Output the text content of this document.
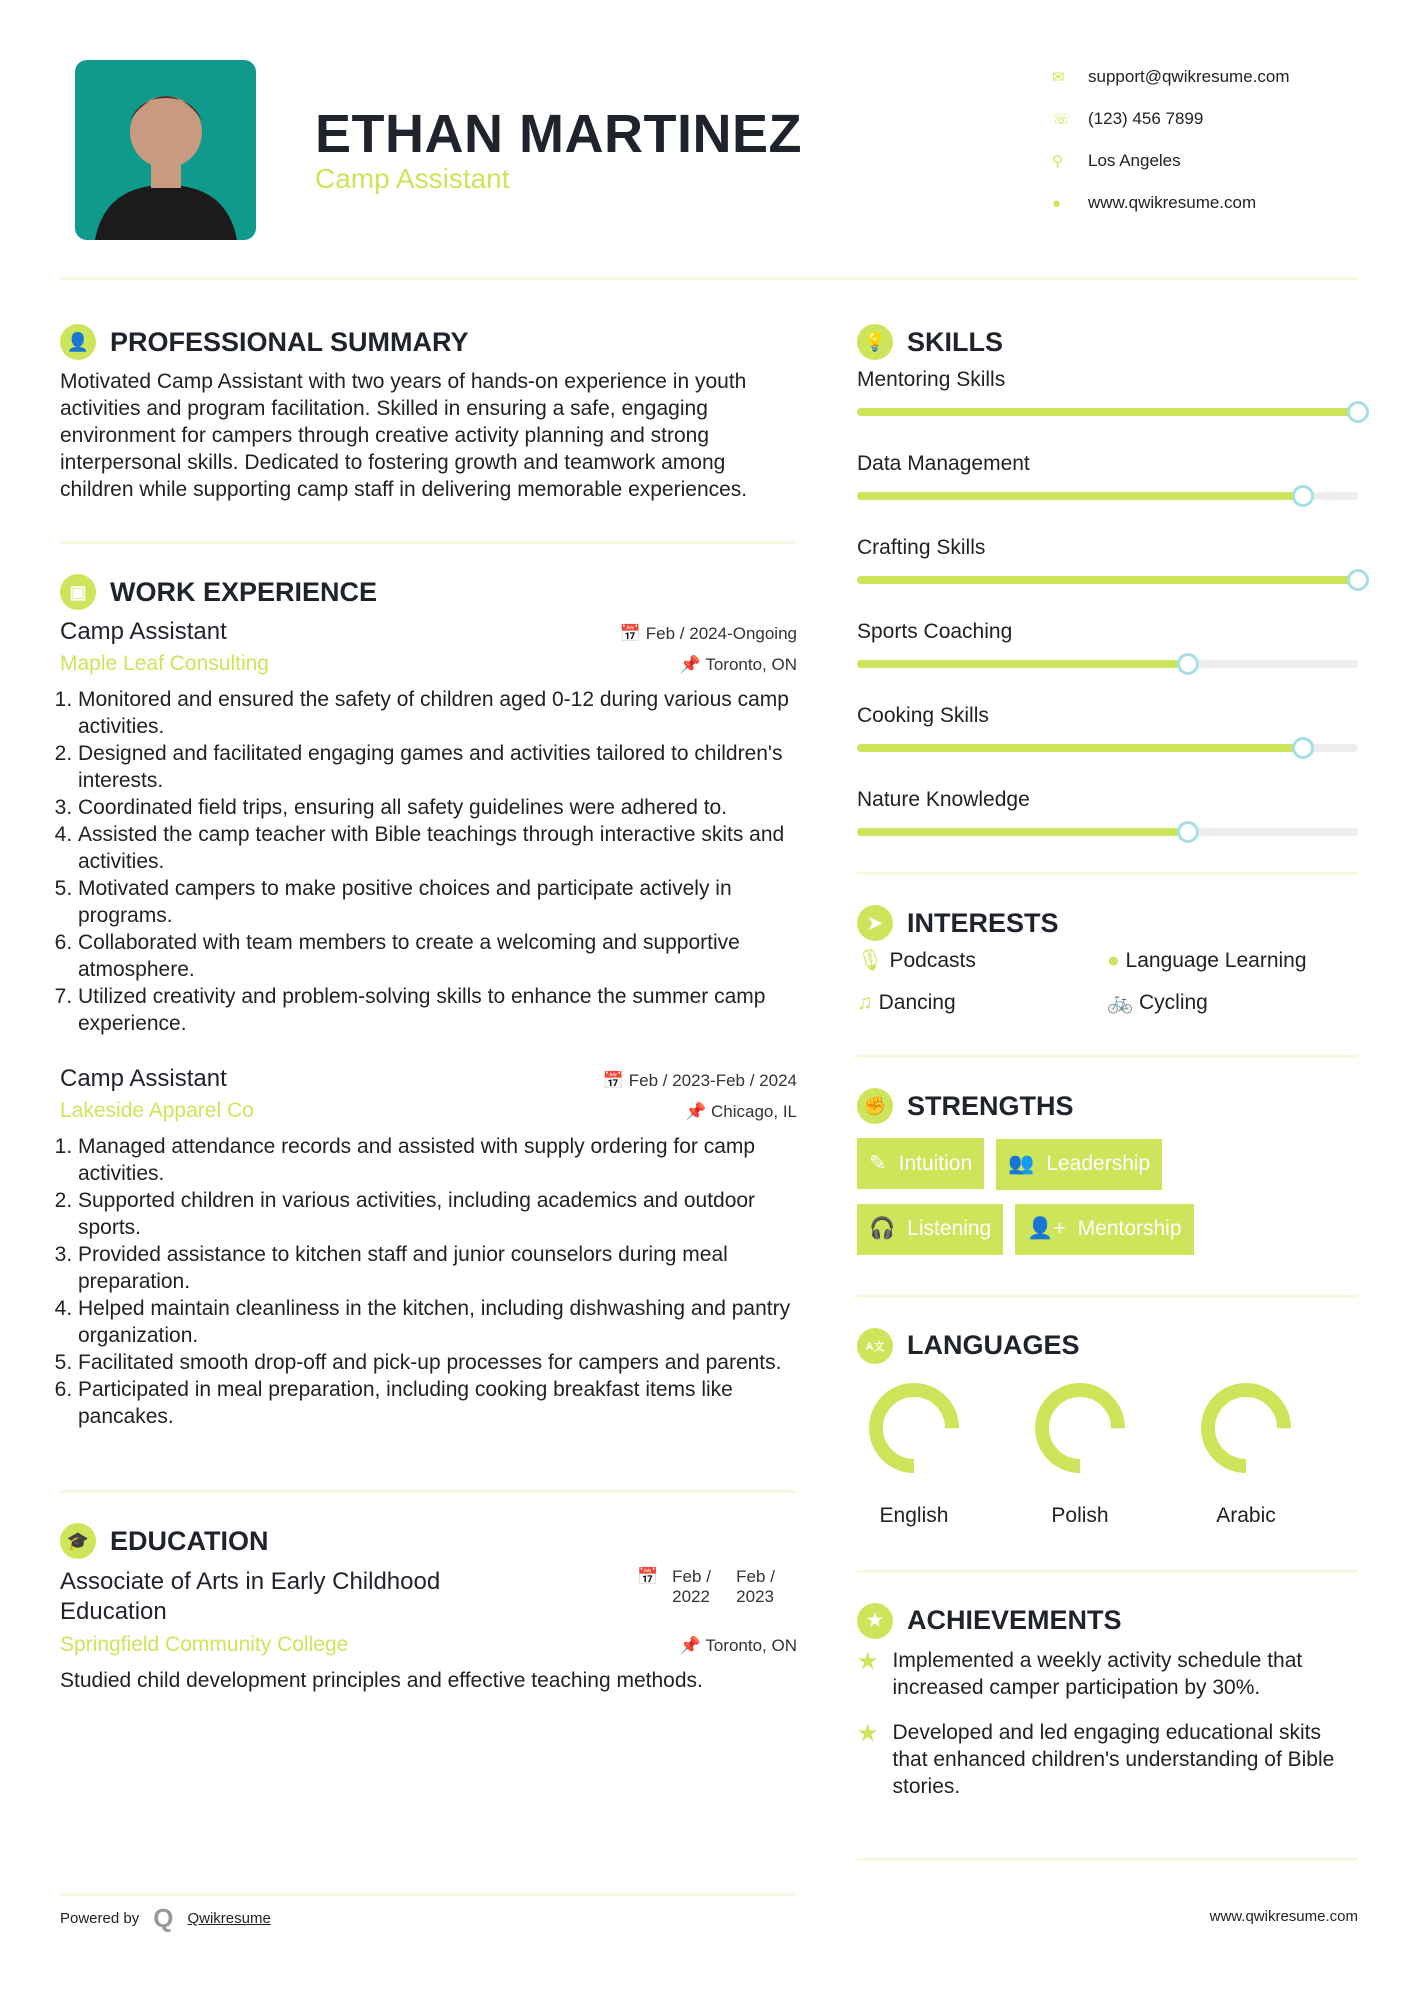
ETHAN MARTINEZ
Camp Assistant
✉	support@qwikresume.com
☏	(123) 456 7899
⚲	Los Angeles
●	www.qwikresume.com
👤 PROFESSIONAL SUMMARY

Motivated Camp Assistant with two years of hands-on experience in youth activities and program facilitation. Skilled in ensuring a safe, engaging environment for campers through creative activity planning and strong interpersonal skills. Dedicated to fostering growth and teamwork among children while supporting camp staff in delivering memorable experiences.

▣ WORK EXPERIENCE
Camp Assistant	📅 Feb / 2024-Ongoing
Maple Leaf Consulting	📌 Toronto, ON
1. Monitored and ensured the safety of children aged 0-12 during various camp activities.
2. Designed and facilitated engaging games and activities tailored to children's interests.
3. Coordinated field trips, ensuring all safety guidelines were adhered to.
4. Assisted the camp teacher with Bible teachings through interactive skits and activities.
5. Motivated campers to make positive choices and participate actively in programs.
6. Collaborated with team members to create a welcoming and supportive atmosphere.
7. Utilized creativity and problem-solving skills to enhance the summer camp experience.
Camp Assistant	📅 Feb / 2023-Feb / 2024
Lakeside Apparel Co	📌 Chicago, IL
1. Managed attendance records and assisted with supply ordering for camp activities.
2. Supported children in various activities, including academics and outdoor sports.
3. Provided assistance to kitchen staff and junior counselors during meal preparation.
4. Helped maintain cleanliness in the kitchen, including dishwashing and pantry organization.
5. Facilitated smooth drop-off and pick-up processes for campers and parents.
6. Participated in meal preparation, including cooking breakfast items like pancakes.
🎓 EDUCATION
Associate of Arts in Early Childhood Education
📅 Feb / 2022
Feb / 2023
Springfield Community College	📌 Toronto, ON

Studied child development principles and effective teaching methods.

💡 SKILLS
Mentoring Skills
Data Management
Crafting Skills
Sports Coaching
Cooking Skills
Nature Knowledge
➤ INTERESTS
🎙 Podcasts	● Language Learning
♫ Dancing	🚲 Cycling
✊ STRENGTHS
✎ Intuition 👥 Leadership

🎧 Listening 👤+ Mentorship
A文 LANGUAGES
English	Polish	Arabic
★ ACHIEVEMENTS
★ Implemented a weekly activity schedule that increased camper participation by 30%.
★ Developed and led engaging educational skits that enhanced children's understanding of Bible stories.
Powered by Q Qwikresume	www.qwikresume.com
